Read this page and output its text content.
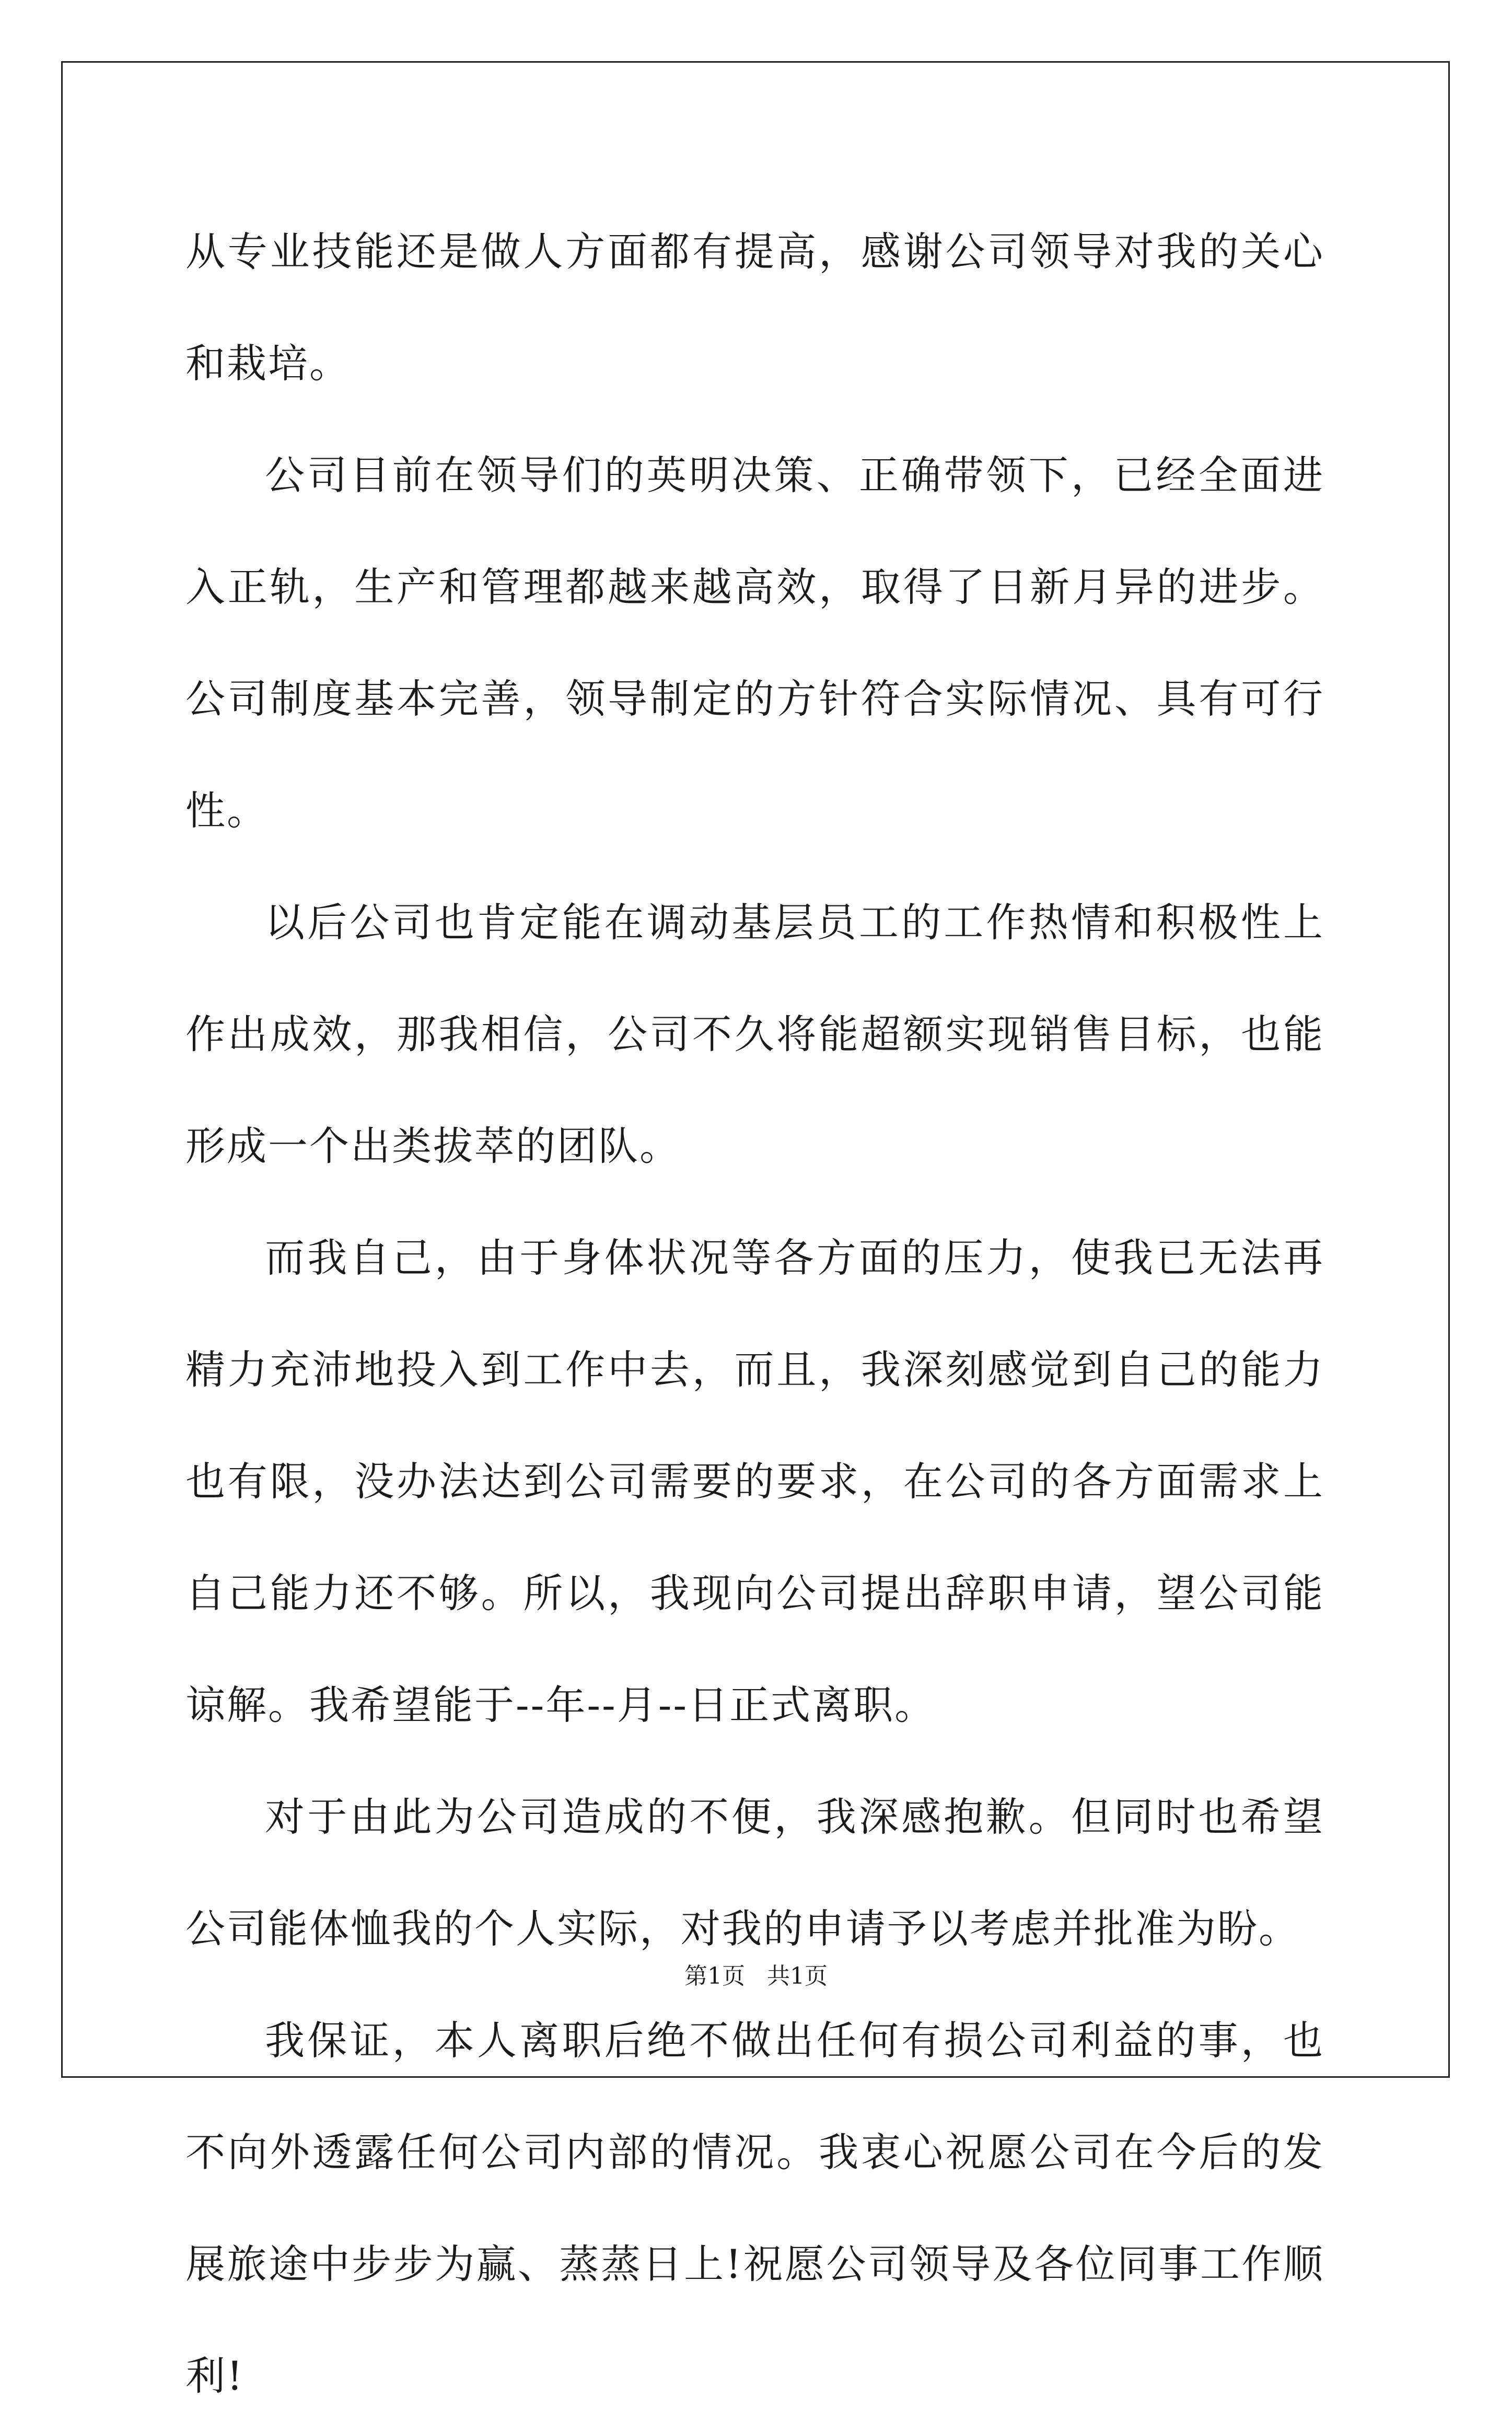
从专业技能还是做人方面都有提高，感谢公司领导对我的关心和栽培。

公司目前在领导们的英明决策、正确带领下，已经全面进入正轨，生产和管理都越来越高效，取得了日新月异的进步。公司制度基本完善，领导制定的方针符合实际情况、具有可行性。

以后公司也肯定能在调动基层员工的工作热情和积极性上作出成效，那我相信，公司不久将能超额实现销售目标，也能形成一个出类拔萃的团队。

而我自己，由于身体状况等各方面的压力，使我已无法再精力充沛地投入到工作中去，而且，我深刻感觉到自己的能力也有限，没办法达到公司需要的要求，在公司的各方面需求上自己能力还不够。所以，我现向公司提出辞职申请，望公司能谅解。我希望能于--年--月--日正式离职。

对于由此为公司造成的不便，我深感抱歉。但同时也希望公司能体恤我的个人实际，对我的申请予以考虑并批准为盼。

我保证，本人离职后绝不做出任何有损公司利益的事，也不向外透露任何公司内部的情况。我衷心祝愿公司在今后的发展旅途中步步为赢、蒸蒸日上!祝愿公司领导及各位同事工作顺利!

第1页   共1页
